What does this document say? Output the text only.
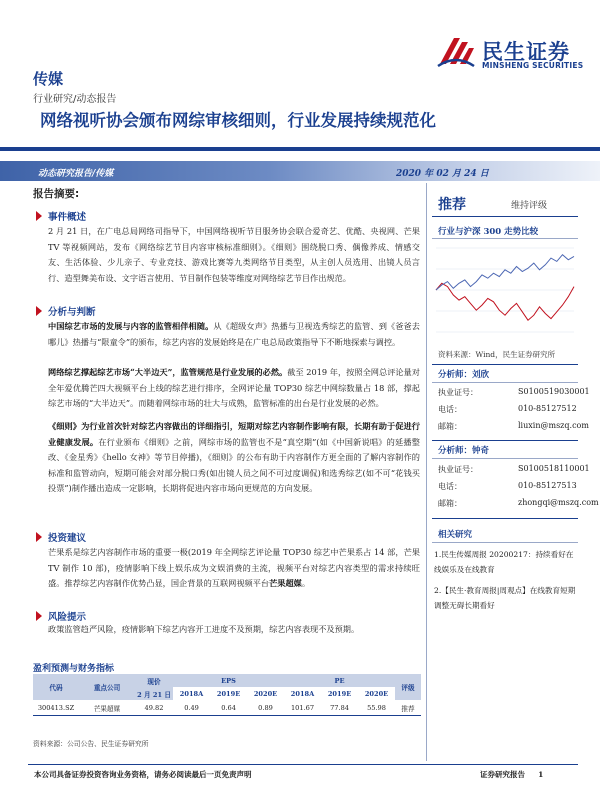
民生证券
MINSHENG SECURITIES
传媒
行业研究/动态报告
网络视听协会颁布网综审核细则，行业发展持续规范化
动态研究报告/传媒	2020 年 02 月 24 日
报告摘要:
事件概述
2 月 21 日，在广电总局网络司指导下，中国网络视听节目服务协会联合爱奇艺、优酷、央视网、芒果 TV 等视频网站，发布《网络综艺节目内容审核标准细则》。《细则》围绕脱口秀、偶像养成、情感交友、生活体验、少儿亲子、专业竞技、游戏比赛等九类网络节目类型，从主创人员选用、出镜人员言行、造型舞美布设、文字语言使用、节目制作包装等维度对网络综艺节目作出规范。
分析与判断
中国综艺市场的发展与内容的监管相伴相随。从《超级女声》热播与卫视选秀综艺的监管、到《爸爸去哪儿》热播与“限童令”的颁布，综艺内容的发展始终是在广电总局政策指导下不断地探索与调控。
网络综艺撑起综艺市场“大半边天”，监管规范是行业发展的必然。截至 2019 年，按照全网总评论量对全年爱优腾芒四大视频平台上线的综艺进行排序，全网评论量 TOP30 综艺中网综数量占 18 部，撑起综艺市场的“大半边天”。而随着网综市场的壮大与成熟，监管标准的出台是行业发展的必然。
《细则》为行业首次针对综艺内容做出的详细指引，短期对综艺内容制作影响有限，长期有助于促进行业健康发展。在行业颁布《细则》之前，网综市场的监管也不是“真空期”(如《中国新说唱》的延播整改、《金星秀》《hello 女神》等节目停播)，《细则》的公布有助于内容制作方更全面的了解内容制作的标准和监管动向，短期可能会对部分脱口秀(如出镜人员之间不可过度调侃)和选秀综艺(如不可“花钱买投票”)制作播出造成一定影响，长期将促进内容市场向更规范的方向发展。
投资建议
芒果系是综艺内容制作市场的重要一极(2019 年全网综艺评论量 TOP30 综艺中芒果系占 14 部，芒果 TV 制作 10 部)，疫情影响下线上娱乐成为文娱消费的主流，视频平台对综艺内容类型的需求持续旺盛。推荐综艺内容制作优势凸显，国企背景的互联网视频平台芒果超媒。
风险提示
政策监管趋严风险，疫情影响下综艺内容开工进度不及预期，综艺内容表现不及预期。
推荐	维持评级
行业与沪深 300 走势比较
资料来源：Wind，民生证券研究所
分析师：刘欣
执业证号：	S0100519030001
电话：	010-85127512
邮箱：	liuxin@mszq.com
分析师：钟奇
执业证号：	S0100518110001
电话：	010-85127513
邮箱：	zhongqi@mszq.com
相关研究
1.民生传媒周报 20200217：持续看好在线娱乐及在线教育
2.【民生·教育周报|周观点】在线教育短期调整无碍长期看好
盈利预测与财务指标
代码	重点公司	现价	EPS			PE			评级
		2 月 21 日	2018A	2019E	2020E	2018A	2019E	2020E	

300413.SZ	芒果超媒	49.82	0.49	0.64	0.89	101.67	77.84	55.98	推荐
资料来源：公司公告、民生证券研究所
本公司具备证券投资咨询业务资格，请务必阅读最后一页免责声明	证券研究报告 1
